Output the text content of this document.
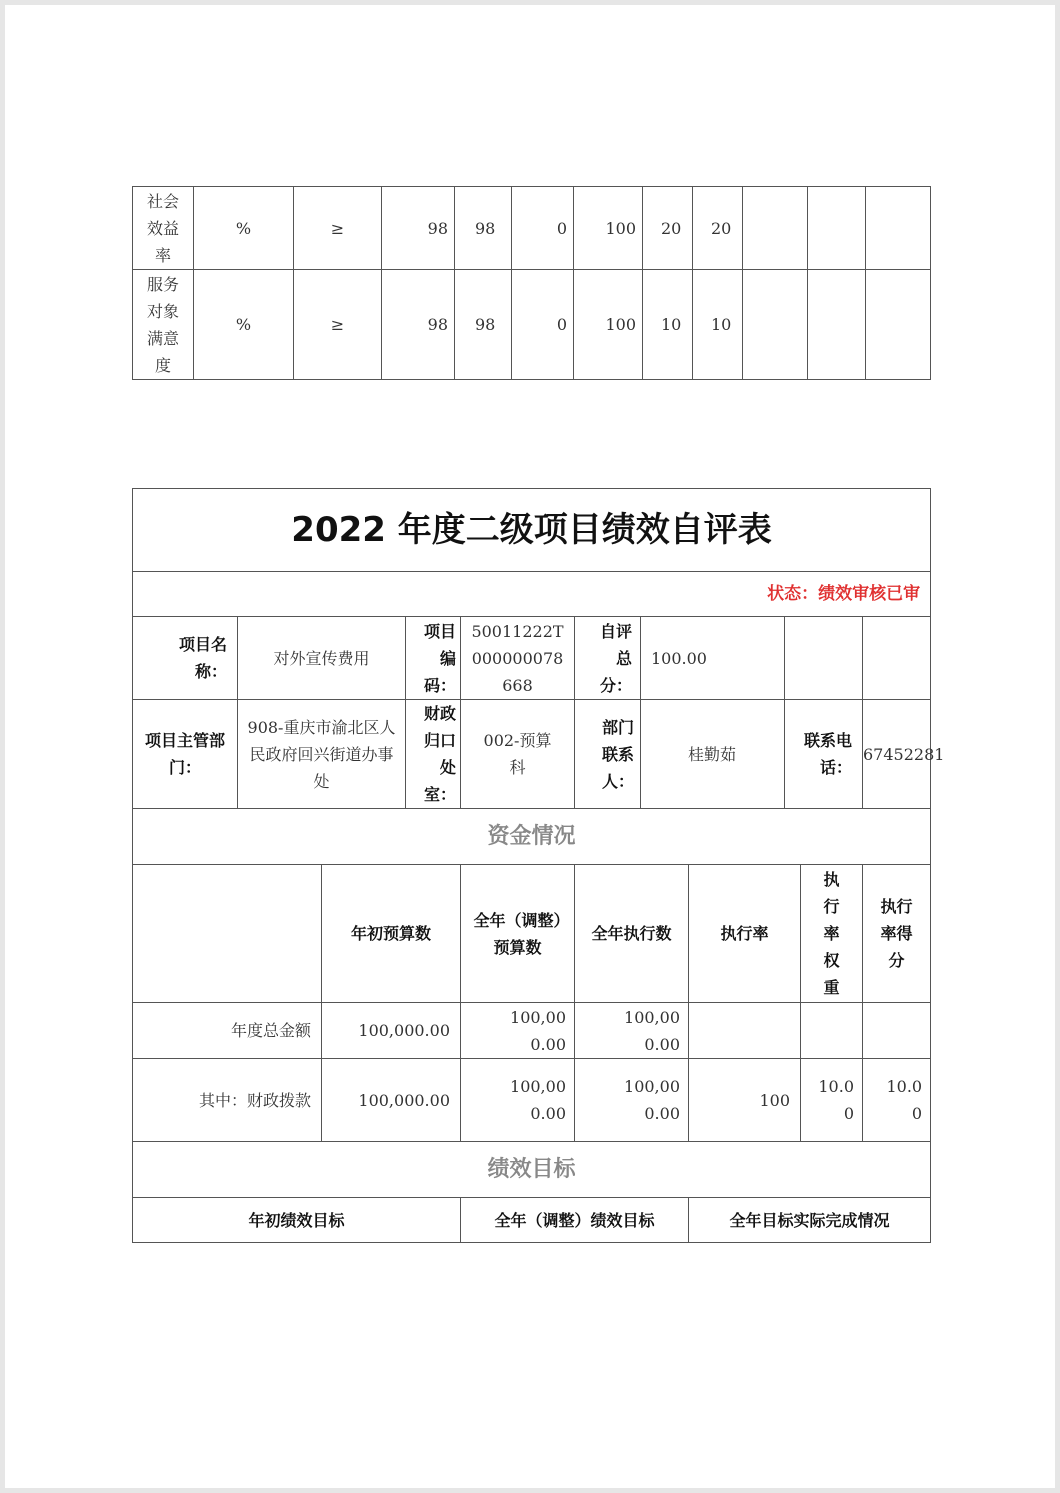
社会效益率	%	≥	98	98	0	100	20	20			
服务对象满意度	%	≥	98	98	0	100	10	10			
2022 年度二级项目绩效自评表										
状态：绩效审核已审										
项目名称：	对外宣传费用		项目编码：	50011222T000000078668	自评总分：	100.00				
项目主管部门：	908-重庆市渝北区人民政府回兴街道办事处		财政归口处室：	002-预算科	部门联系人：	桂勤茹		联系电话：		67452281
资金情况										
		年初预算数		全年（调整）预算数	全年执行数		执行率		执行率权重	执行率得分
年度总金额		100,000.00		100,000.00	100,000.00					
其中：财政拨款		100,000.00		100,000.00	100,000.00		100		10.00	10.00
绩效目标										
年初绩效目标				全年（调整）绩效目标			全年目标实际完成情况			
